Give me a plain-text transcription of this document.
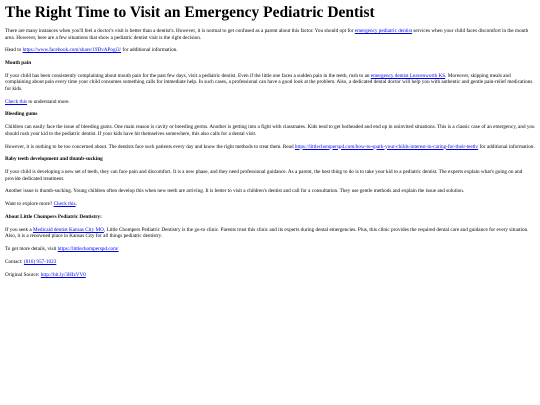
The Right Time to Visit an Emergency Pediatric Dentist

There are many instances when you'll feel a doctor's visit is better than a dentist's. However, it is normal to get confused as a parent about this factor. You should opt for emergency pediatric dentist services when your child faces discomfort in the mouth area. However, here are a few situations that show a pediatric dentist visit is the right decision.

Head to https://www.facebook.com/share/19DvAPogi3/ for additional information.

Mouth pain

If your child has been consistently complaining about mouth pain for the past few days, visit a pediatric dentist. Even if the little one faces a sudden pain in the teeth, rush to an emergency dentist Leavenworth KS. Moreover, skipping meals and complaining about pain every time your child consumes something calls for immediate help. In such cases, a professional can have a good look at the problem. Also, a dedicated dental doctor will help you with authentic and gentle pain-relief medications for kids.

Check this to understand more.

Bleeding gums

Children can easily face the issue of bleeding gums. One main reason is cavity or breeding germs. Another is getting into a fight with classmates. Kids tend to get hotheaded and end up in uninvited situations. This is a classic case of an emergency, and you should rush your kid to the pediatric dentist. If your kids have hit themselves somewhere, this also calls for a dental visit.

However, it is nothing to be too concerned about. The dentists face such patients every day and know the right methods to treat them. Read https://littlechomperspd.com/how-to-spark-your-childs-interest-in-caring-for-their-teeth/ for additional information.

Baby teeth development and thumb-sucking

If your child is developing a new set of teeth, they can face pain and discomfort. It is a new phase, and they need professional guidance. As a parent, the best thing to do is to take your kid to a pediatric dentist. The experts explain what's going on and provide dedicated treatment.

Another issue is thumb-sucking. Young children often develop this when new teeth are arriving. It is better to visit a children's dentist and call for a consultation. They use gentle methods and explain the issue and solution.

Want to explore more? Check this.

About Little Chompers Pediatric Dentistry:

If you seek a Medicaid dentist Kansas City MO, Little Chompers Pediatric Dentistry is the go-to clinic. Parents trust this clinic and its experts during dental emergencies. Plus, this clinic provides the required dental care and guidance for every situation. Also, it is a renowned place in Kansas City for all things pediatric dentistry.

To get more details, visit https://littlechomperspd.com/

Contact: (816) 957-1023

Original Source: http://bit.ly/3HIzVV0
